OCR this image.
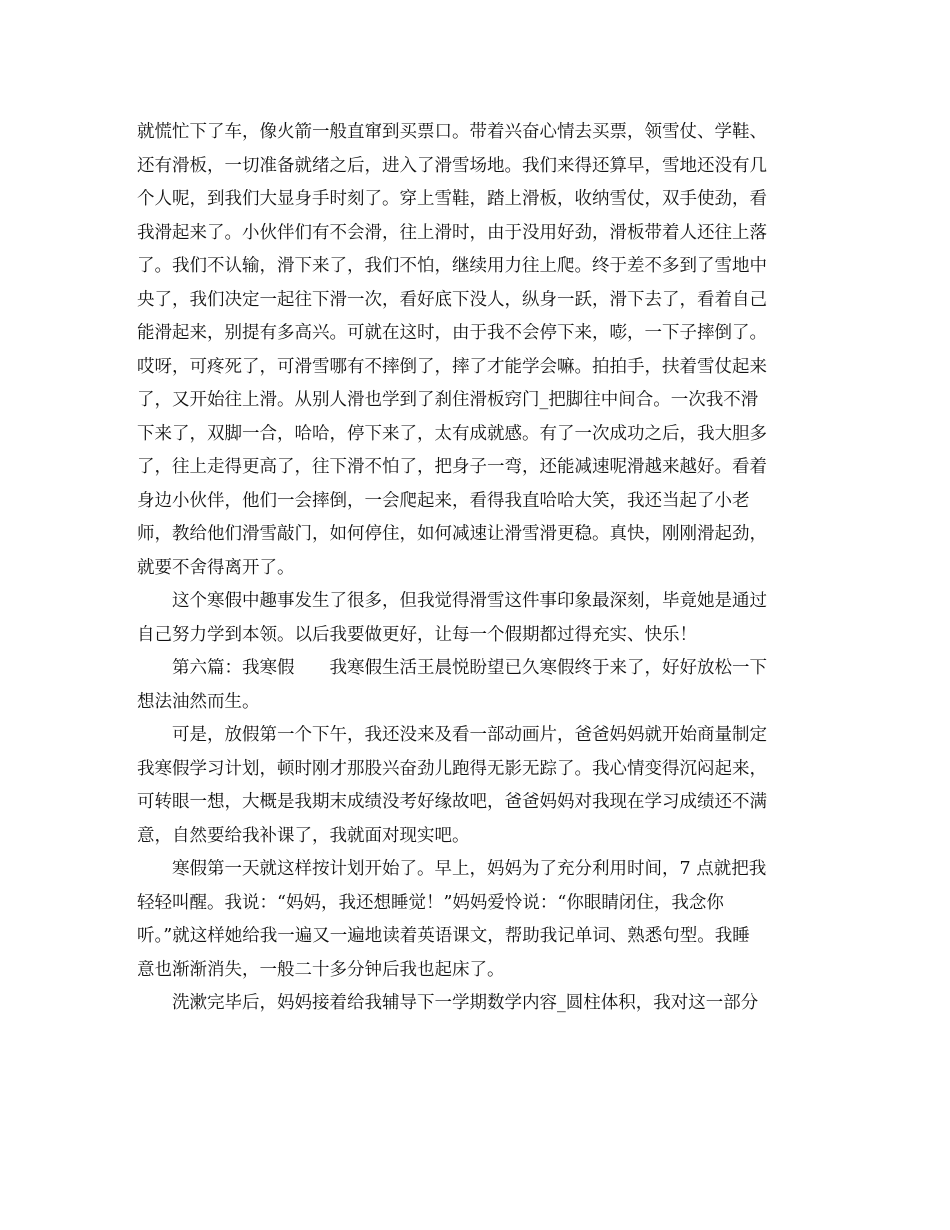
就慌忙下了车，像火箭一般直窜到买票口。带着兴奋心情去买票，领雪仗、学鞋、
还有滑板，一切准备就绪之后，进入了滑雪场地。我们来得还算早，雪地还没有几
个人呢，到我们大显身手时刻了。穿上雪鞋，踏上滑板，收纳雪仗，双手使劲，看
我滑起来了。小伙伴们有不会滑，往上滑时，由于没用好劲，滑板带着人还往上落
了。我们不认输，滑下来了，我们不怕，继续用力往上爬。终于差不多到了雪地中
央了，我们决定一起往下滑一次，看好底下没人，纵身一跃，滑下去了，看着自己
能滑起来，别提有多高兴。可就在这时，由于我不会停下来，嘭，一下子摔倒了。
哎呀，可疼死了，可滑雪哪有不摔倒了，摔了才能学会嘛。拍拍手，扶着雪仗起来
了，又开始往上滑。从别人滑也学到了刹住滑板窍门_把脚往中间合。一次我不滑
下来了，双脚一合，哈哈，停下来了，太有成就感。有了一次成功之后，我大胆多
了，往上走得更高了，往下滑不怕了，把身子一弯，还能减速呢滑越来越好。看着
身边小伙伴，他们一会摔倒，一会爬起来，看得我直哈哈大笑，我还当起了小老
师，教给他们滑雪敲门，如何停住，如何减速让滑雪滑更稳。真快，刚刚滑起劲，
就要不舍得离开了。
　　这个寒假中趣事发生了很多，但我觉得滑雪这件事印象最深刻，毕竟她是通过
自己努力学到本领。以后我要做更好，让每一个假期都过得充实、快乐！
　　第六篇：我寒假　　我寒假生活王晨悦盼望已久寒假终于来了，好好放松一下
想法油然而生。
　　可是，放假第一个下午，我还没来及看一部动画片，爸爸妈妈就开始商量制定
我寒假学习计划，顿时刚才那股兴奋劲儿跑得无影无踪了。我心情变得沉闷起来，
可转眼一想，大概是我期末成绩没考好缘故吧，爸爸妈妈对我现在学习成绩还不满
意，自然要给我补课了，我就面对现实吧。
　　寒假第一天就这样按计划开始了。早上，妈妈为了充分利用时间，7 点就把我
轻轻叫醒。我说：“妈妈，我还想睡觉！”妈妈爱怜说：“你眼睛闭住，我念你
听。”就这样她给我一遍又一遍地读着英语课文，帮助我记单词、熟悉句型。我睡
意也渐渐消失，一般二十多分钟后我也起床了。
　　洗漱完毕后，妈妈接着给我辅导下一学期数学内容_圆柱体积，我对这一部分
